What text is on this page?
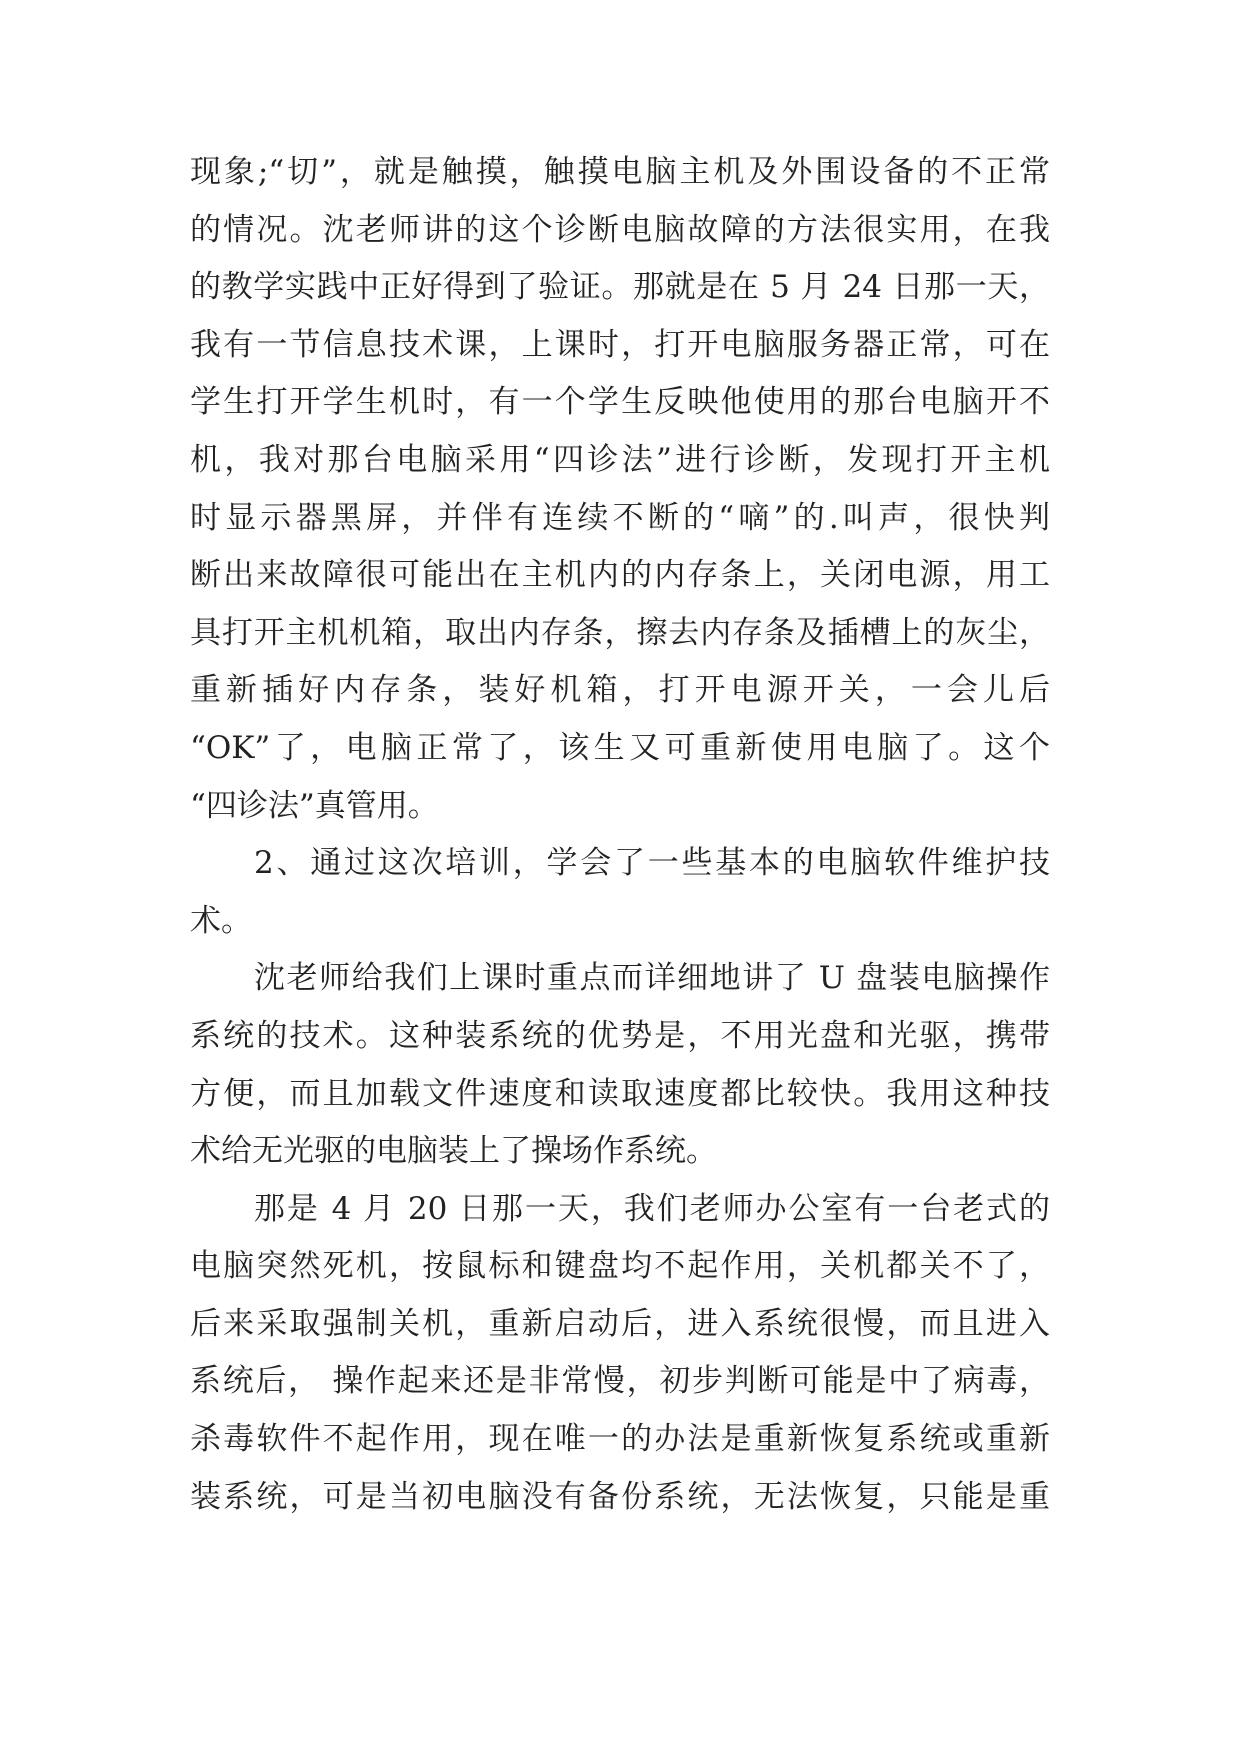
现象;“切”，就是触摸，触摸电脑主机及外围设备的不正常
的情况。沈老师讲的这个诊断电脑故障的方法很实用，在我
的教学实践中正好得到了验证。那就是在 5 月 24 日那一天，
我有一节信息技术课，上课时，打开电脑服务器正常，可在
学生打开学生机时，有一个学生反映他使用的那台电脑开不
机，我对那台电脑采用“四诊法”进行诊断，发现打开主机
时显示器黑屏，并伴有连续不断的“嘀”的.叫声，很快判
断出来故障很可能出在主机内的内存条上，关闭电源，用工
具打开主机机箱，取出内存条，擦去内存条及插槽上的灰尘，
重新插好内存条，装好机箱，打开电源开关，一会儿后
“OK”了，电脑正常了，该生又可重新使用电脑了。这个
“四诊法”真管用。
2、通过这次培训，学会了一些基本的电脑软件维护技
术。
沈老师给我们上课时重点而详细地讲了 U 盘装电脑操作
系统的技术。这种装系统的优势是，不用光盘和光驱，携带
方便，而且加载文件速度和读取速度都比较快。我用这种技
术给无光驱的电脑装上了操场作系统。
那是 4 月 20 日那一天，我们老师办公室有一台老式的
电脑突然死机，按鼠标和键盘均不起作用，关机都关不了，
后来采取强制关机，重新启动后，进入系统很慢，而且进入
系统后， 操作起来还是非常慢，初步判断可能是中了病毒，
杀毒软件不起作用，现在唯一的办法是重新恢复系统或重新
装系统，可是当初电脑没有备份系统，无法恢复，只能是重
